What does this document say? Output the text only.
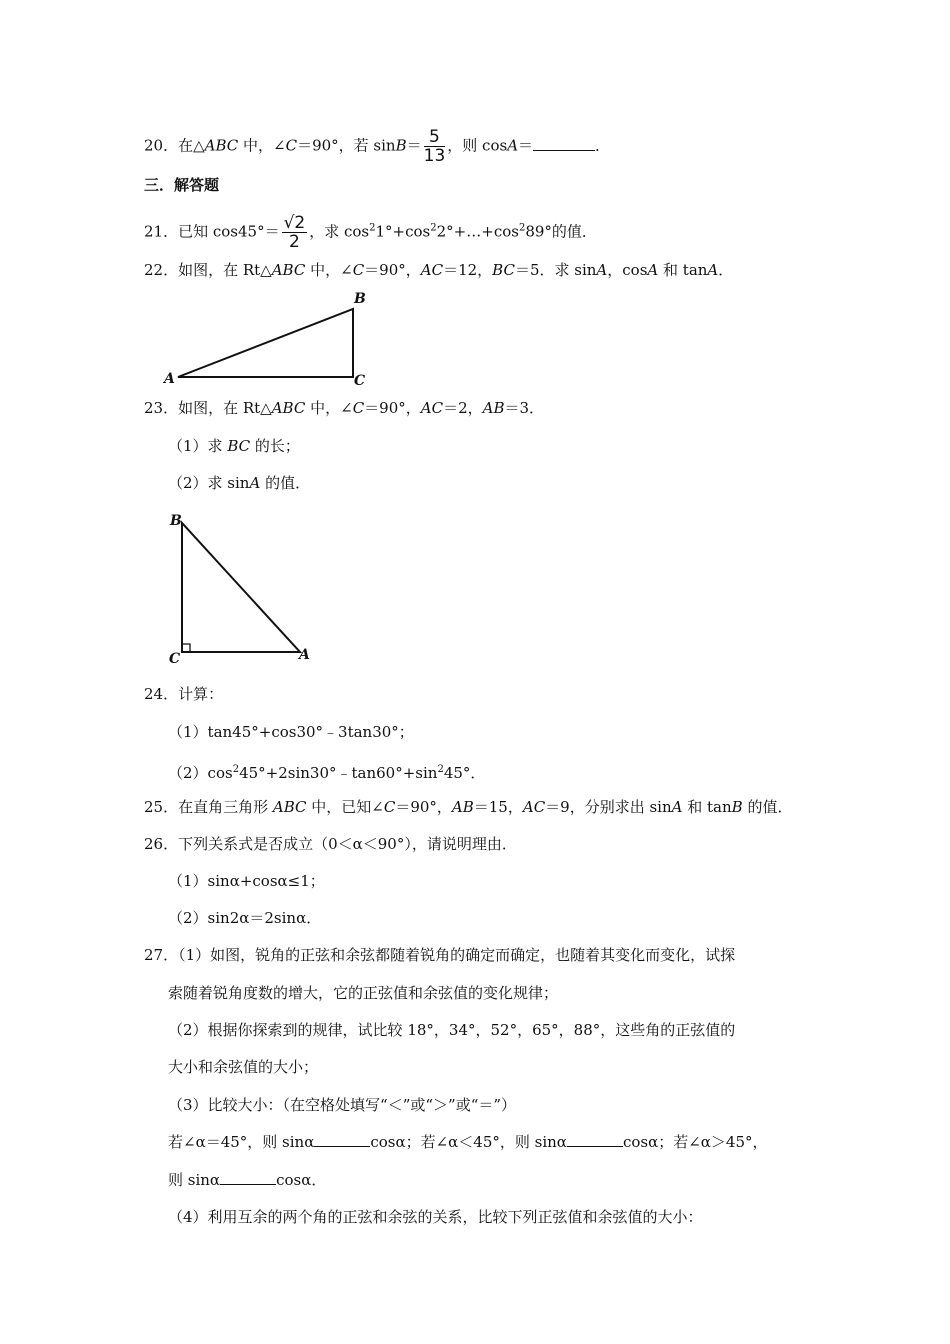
20．在△ABC 中，∠C＝90°，若 $\sin B= \frac{5}{13}$ ，则 cosA＝	．
三．解答题
21．已知 $\cos 45^\circ= \frac{√2}{2}$ ，求 $\cos^21^\circ+\cos^22^\circ+\dots+\cos^289^\circ$的值．
22．如图，在 Rt△ABC 中，∠C＝90°，AC＝12，BC＝5．求 sinA，cosA 和 tanA．
A
B
C
23．如图，在 Rt△ABC 中，∠C＝90°，AC＝2，AB＝3．
（1）求 BC 的长；
（2）求 sinA 的值．
B
C	A
24．计算：
（1）tan45°+cos30°﹣3tan30°；
$(2)\cos^245^\circ+2\sin 30^\circ﹣\tan 60^\circ+\sin^245^\circ$．
25．在直角三角形 ABC 中，已知∠C＝90°，AB＝15，AC＝9，分别求出 sinA 和 tanB 的值．
26．下列关系式是否成立（0＜α＜90°），请说明理由．
（1）sinα+cosα≤1；
（2）sin2α＝2sinα．
27．（1）如图，锐角的正弦和余弦都随着锐角的确定而确定，也随着其变化而变化，试探
索随着锐角度数的增大，它的正弦值和余弦值的变化规律；
（2）根据你探索到的规律，试比较 18°，34°，52°，65°，88°，这些角的正弦值的
大小和余弦值的大小；
（3）比较大小：（在空格处填写“＜”或“＞”或“＝”）
若∠α＝45°，则 sinα	cosα；若∠α＜45°，则 sinα	cosα；若∠α＞45°，
则 sinα	cosα．
（4）利用互余的两个角的正弦和余弦的关系，比较下列正弦值和余弦值的大小：
